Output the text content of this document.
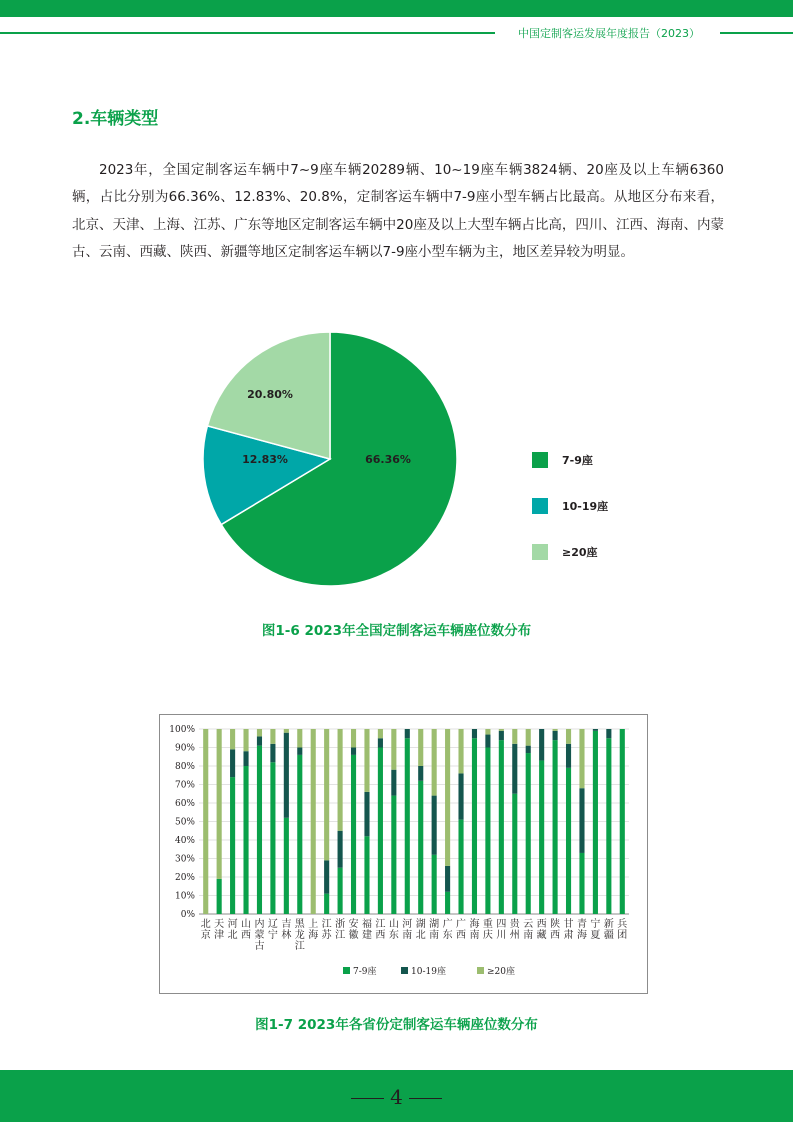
中国定制客运发展年度报告（2023）
2.车辆类型
2023年，全国定制客运车辆中7~9座车辆20289辆、10~19座车辆3824辆、20座及以上车辆6360辆，占比分别为66.36%、12.83%、20.8%，定制客运车辆中7-9座小型车辆占比最高。从地区分布来看，北京、天津、上海、江苏、广东等地区定制客运车辆中20座及以上大型车辆占比高，四川、江西、海南、内蒙古、云南、西藏、陕西、新疆等地区定制客运车辆以7-9座小型车辆为主，地区差异较为明显。
66.36%
12.83%
20.80%
7-9座
10-19座
≥20座
图1-6 2023年全国定制客运车辆座位数分布
0%
10%
20%
30%
40%
50%
60%
70%
80%
90%
100%
北
京
天
津
河
北
山
西
内
蒙
古
辽
宁
吉
林
黑
龙
江
上
海
江
苏
浙
江
安
徽
福
建
江
西
山
东
河
南
湖
北
湖
南
广
东
广
西
海
南
重
庆
四
川
贵
州
云
南
西
藏
陕
西
甘
肃
青
海
宁
夏
新
疆
兵
团
7-9座	10-19座	≥20座
图1-7 2023年各省份定制客运车辆座位数分布
4
